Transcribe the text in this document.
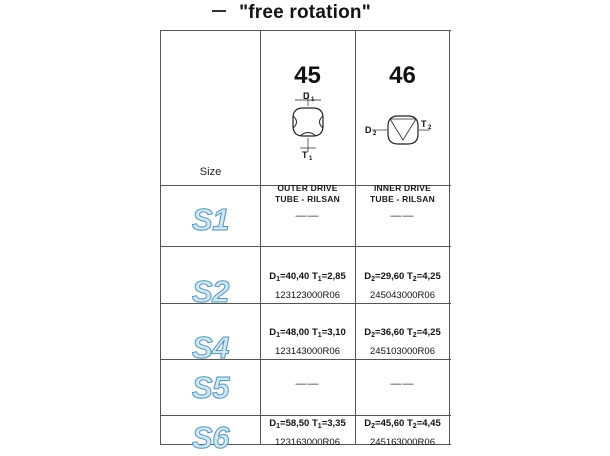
"free rotation"
Size
45	46
D 1
T 1
D 2
T 2
OUTER DRIVE
TUBE - RILSAN
INNER DRIVE
TUBE - RILSAN
S1	——	——
S2	$D_1=40,40$ $T_1=2,85$	$D_2=29,60$ $T_2=4,25$
123123000R06	245043000R06
S4	$D_1=48,00$ $T_1=3,10$	$D_2=36,60$ $T_2=4,25$
123143000R06	245103000R06
S5	——	——
S6	$D_1=58,50$ $T_1=3,35$	$D_2=45,60$ $T_2=4,45$
123163000R06	245163000R06
